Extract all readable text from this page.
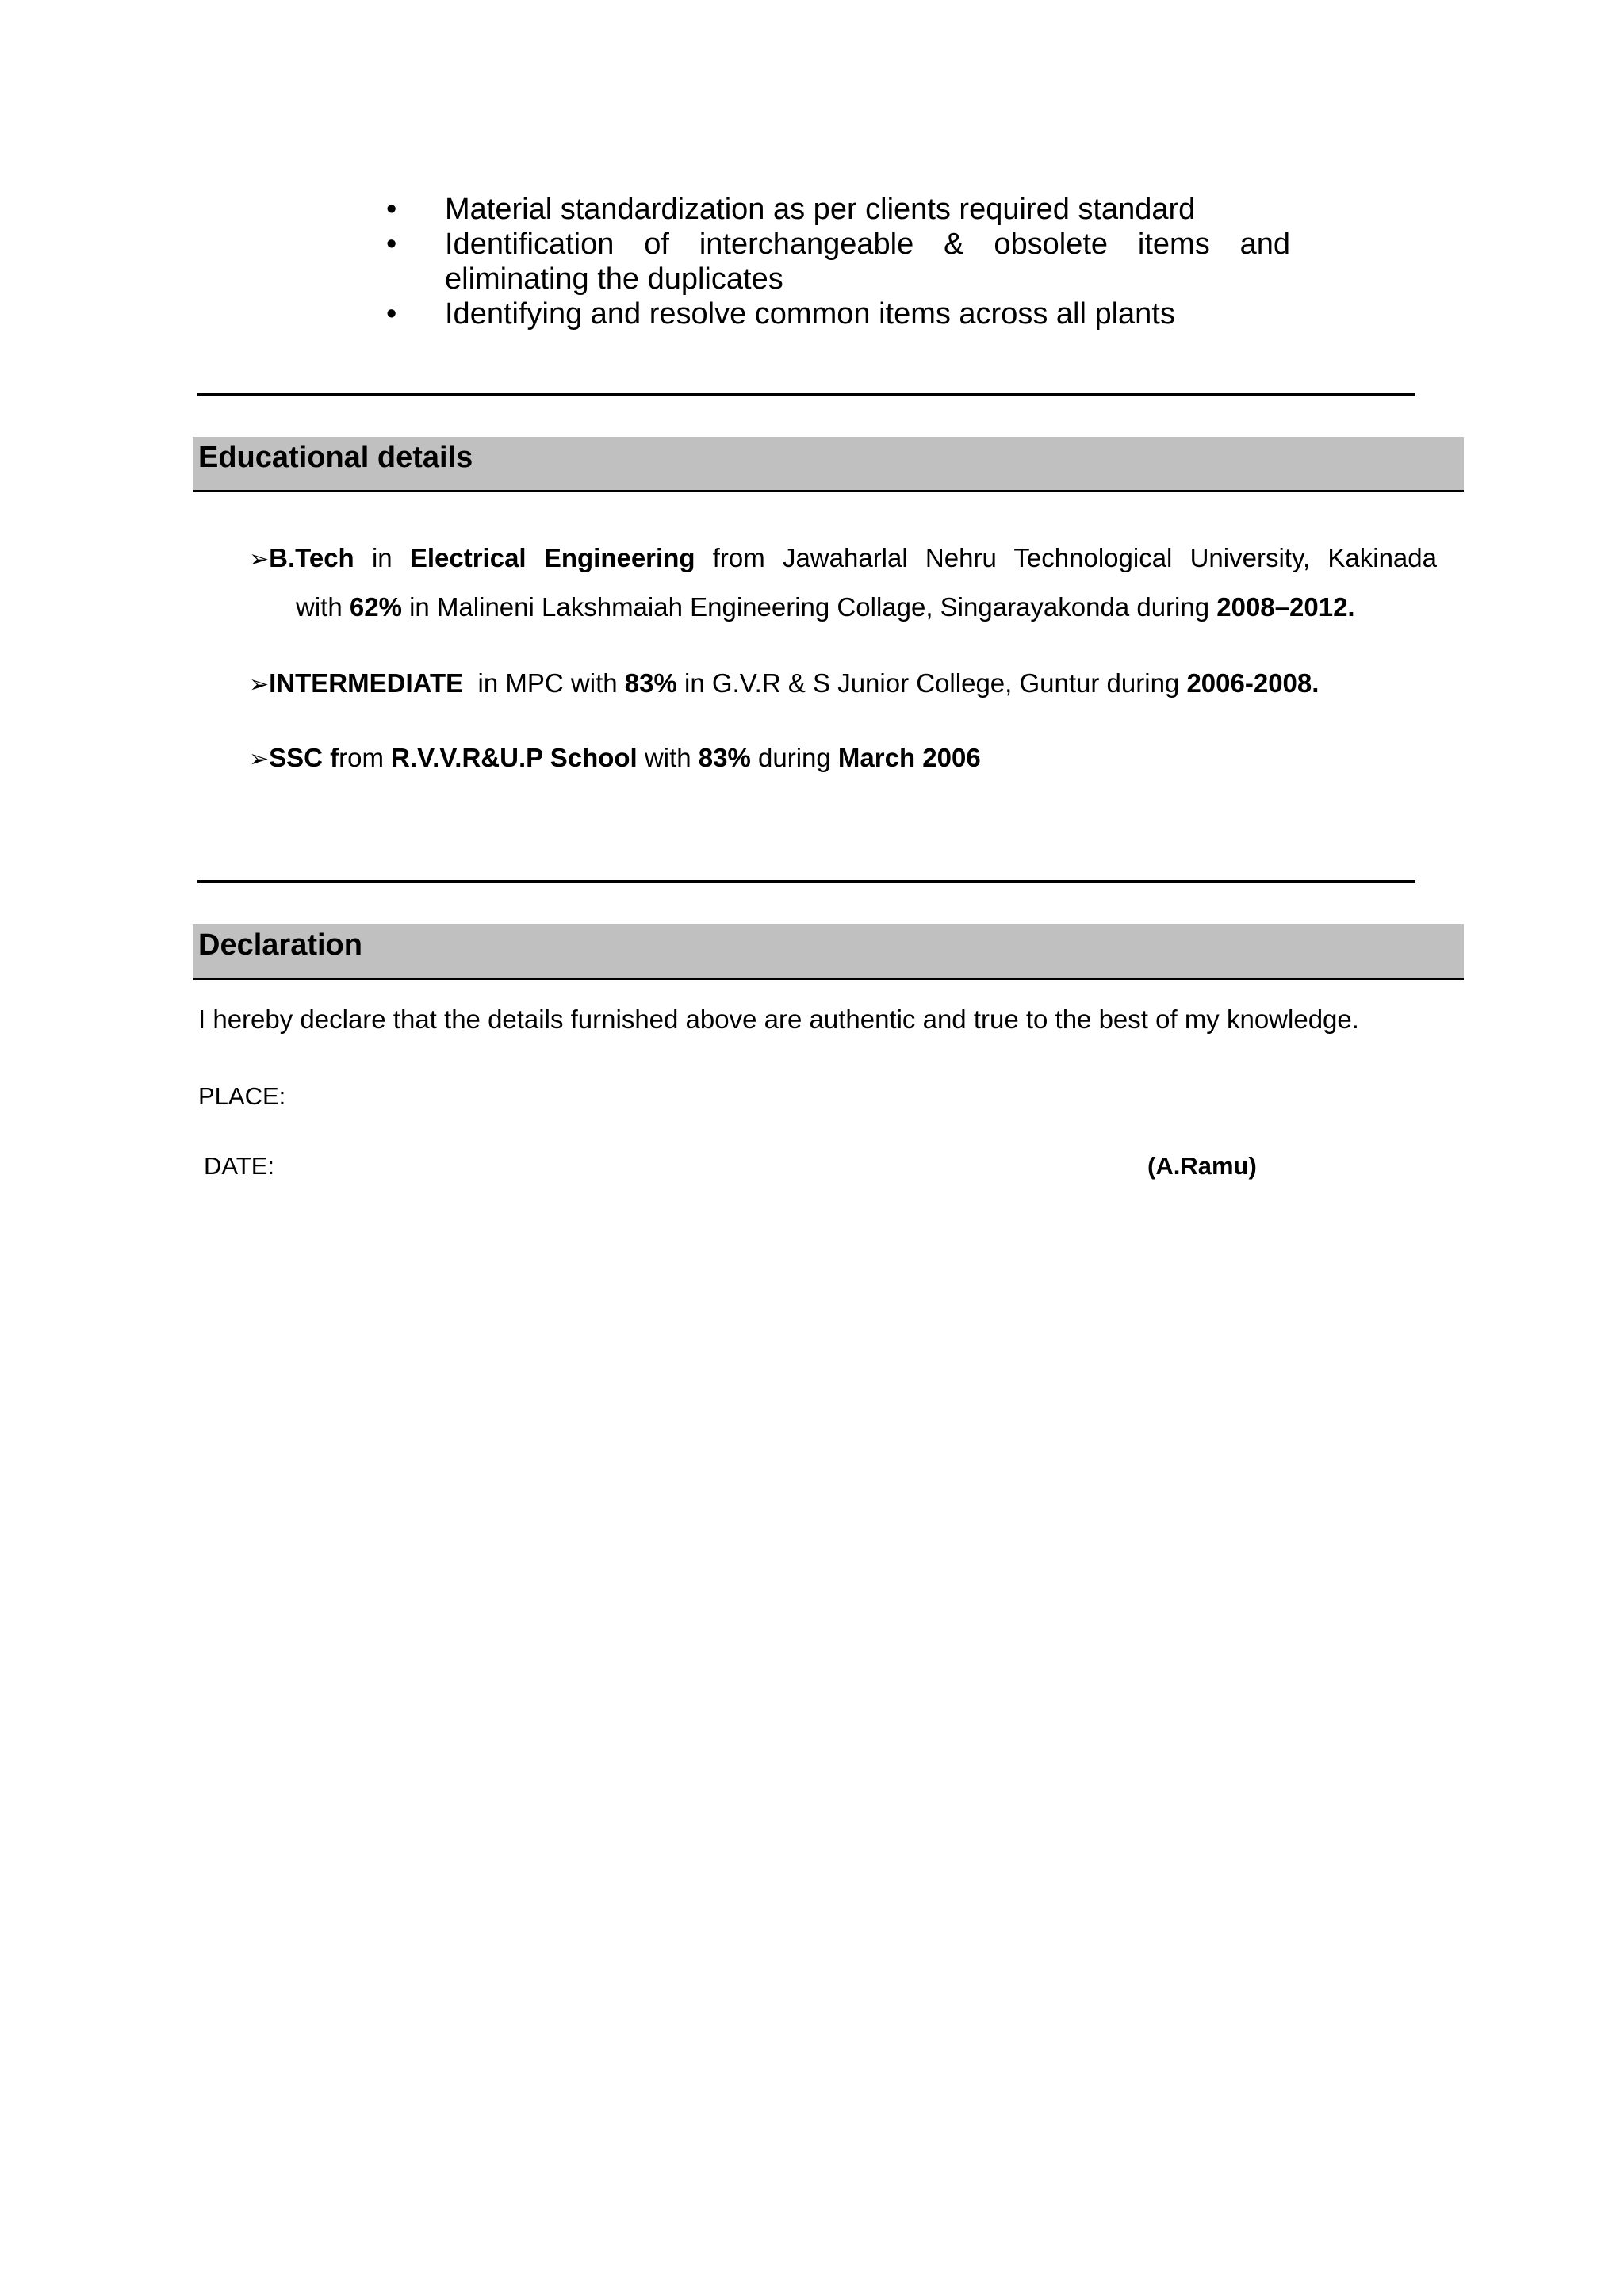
•	Material standardization as per clients required standard
•	Identification of interchangeable & obsolete items and
eliminating the duplicates
•	Identifying and resolve common items across all plants
Educational details
➢B.Tech in Electrical Engineering from Jawaharlal Nehru Technological University, Kakinada
with 62% in Malineni Lakshmaiah Engineering Collage, Singarayakonda during 2008–2012.
➢INTERMEDIATE in MPC with 83% in G.V.R & S Junior College, Guntur during 2006-2008.
➢SSC from R.V.V.R&U.P School with 83% during March 2006
Declaration
I hereby declare that the details furnished above are authentic and true to the best of my knowledge.
PLACE:
DATE:	(A.Ramu)
